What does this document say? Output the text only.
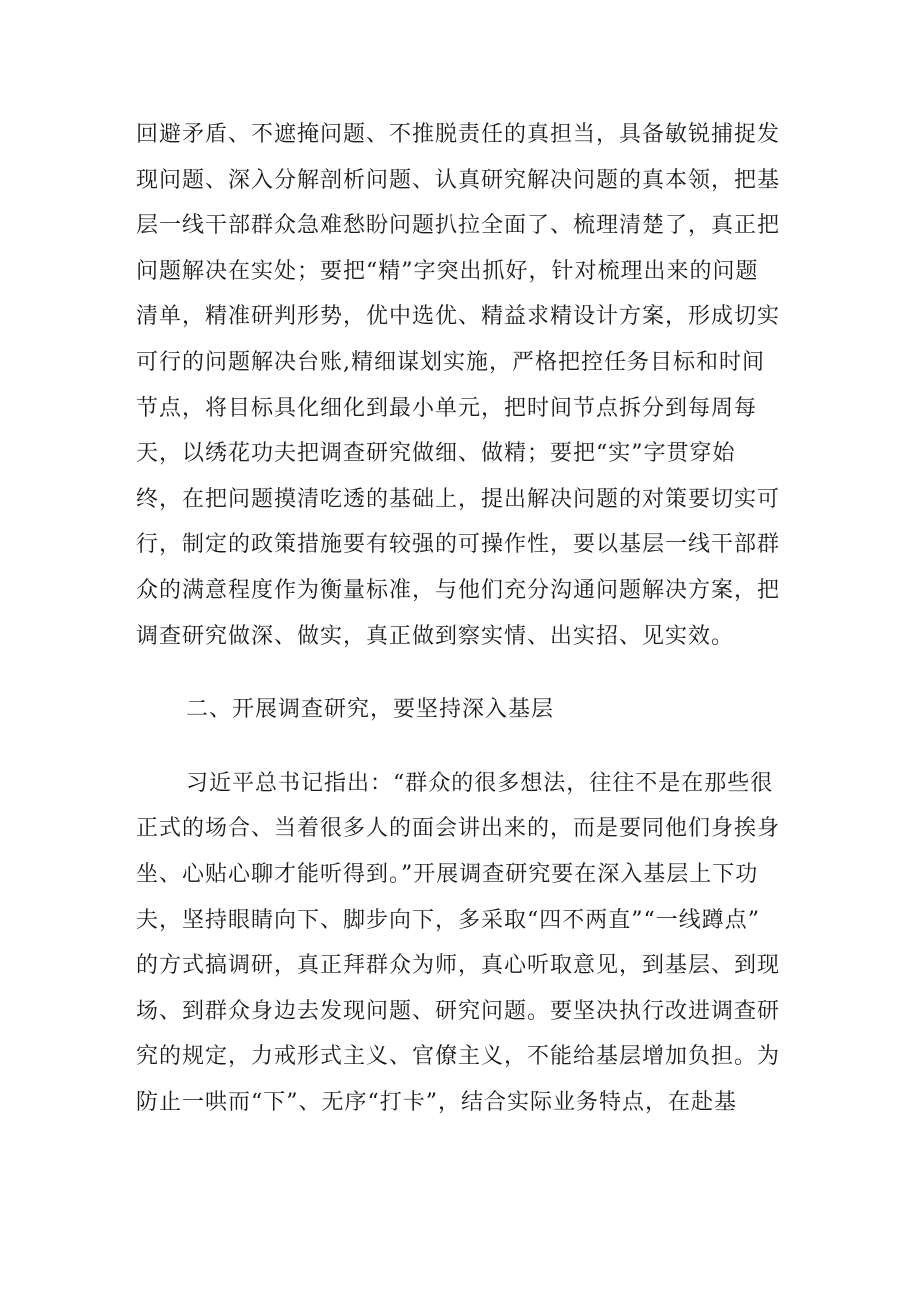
回避矛盾、不遮掩问题、不推脱责任的真担当，具备敏锐捕捉发
现问题、深入分解剖析问题、认真研究解决问题的真本领，把基
层一线干部群众急难愁盼问题扒拉全面了、梳理清楚了，真正把
问题解决在实处；要把“精”字突出抓好，针对梳理出来的问题
清单，精准研判形势，优中选优、精益求精设计方案，形成切实
可行的问题解决台账,精细谋划实施，严格把控任务目标和时间
节点，将目标具化细化到最小单元，把时间节点拆分到每周每
天，以绣花功夫把调查研究做细、做精；要把“实”字贯穿始
终，在把问题摸清吃透的基础上，提出解决问题的对策要切实可
行，制定的政策措施要有较强的可操作性，要以基层一线干部群
众的满意程度作为衡量标准，与他们充分沟通问题解决方案，把
调查研究做深、做实，真正做到察实情、出实招、见实效。
二、开展调查研究，要坚持深入基层
习近平总书记指出：“群众的很多想法，往往不是在那些很
正式的场合、当着很多人的面会讲出来的，而是要同他们身挨身
坐、心贴心聊才能听得到。”开展调查研究要在深入基层上下功
夫，坚持眼睛向下、脚步向下，多采取“四不两直”“一线蹲点”
的方式搞调研，真正拜群众为师，真心听取意见，到基层、到现
场、到群众身边去发现问题、研究问题。要坚决执行改进调查研
究的规定，力戒形式主义、官僚主义，不能给基层增加负担。为
防止一哄而“下”、无序“打卡”，结合实际业务特点，在赴基
